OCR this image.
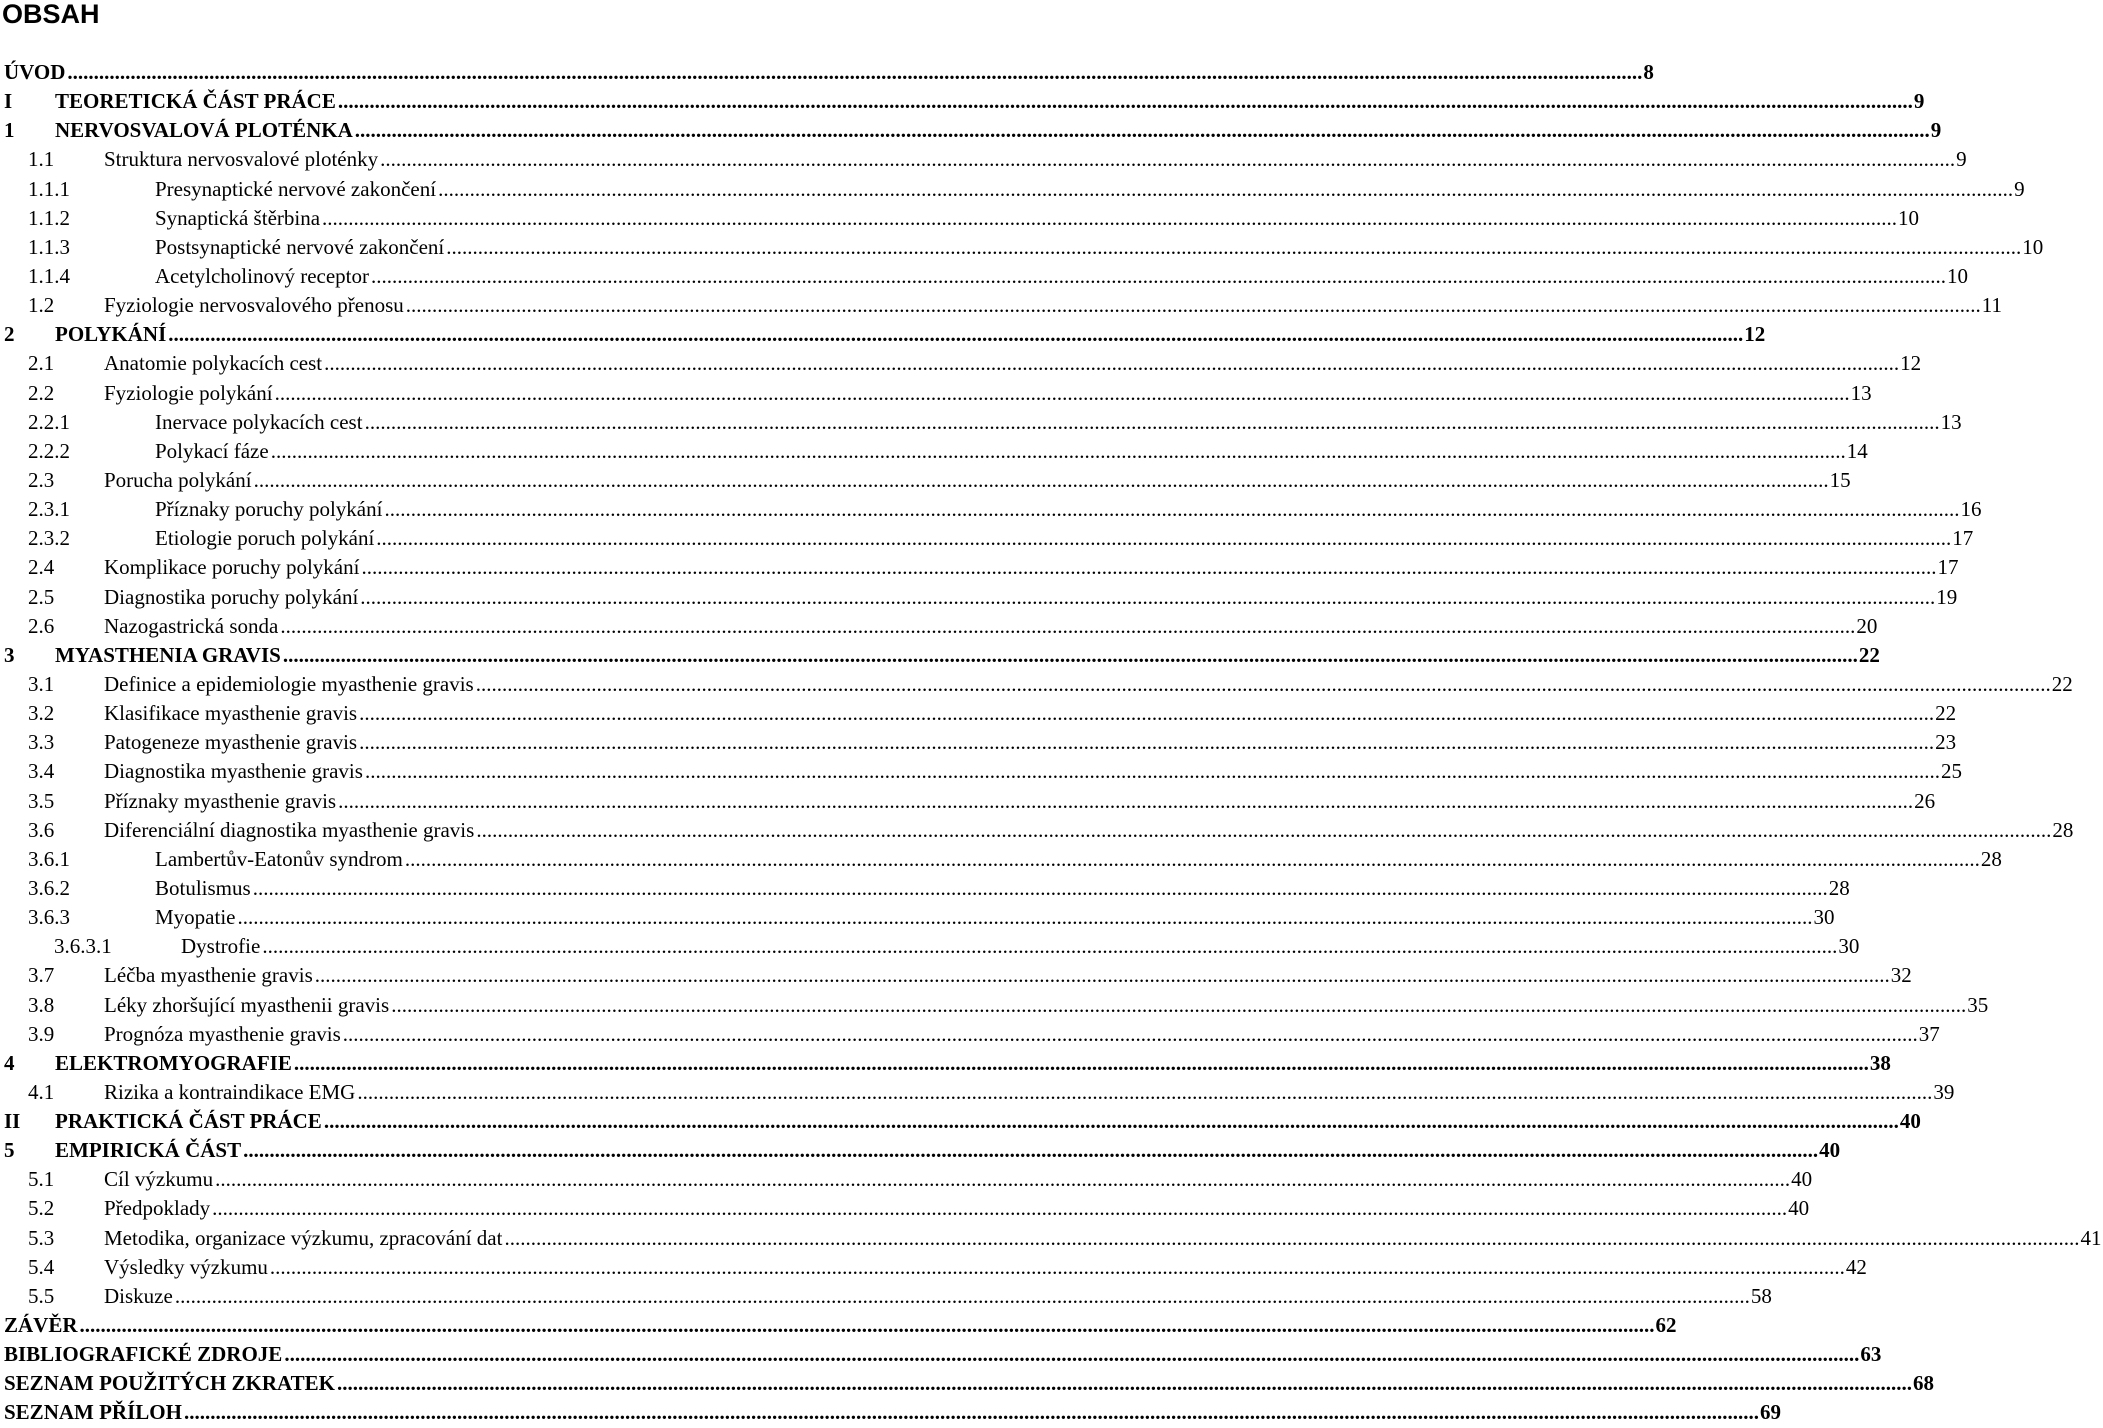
OBSAH
ÚVOD ............................................................................................................................................................................................................................................................................................................ 8
TEORETICKÁ ČÁST PRÁCE ............................................................................................................................................................................................................................................................................................................ 9
I
NERVOSVALOVÁ PLOTÉNKA ............................................................................................................................................................................................................................................................................................................ 9
1
Struktura nervosvalové ploténky ............................................................................................................................................................................................................................................................................................................ 9
1.1
Presynaptické nervové zakončení ............................................................................................................................................................................................................................................................................................................ 9
1.1.1
Synaptická štěrbina ............................................................................................................................................................................................................................................................................................................ 10
1.1.2
Postsynaptické nervové zakončení ............................................................................................................................................................................................................................................................................................................ 10
1.1.3
Acetylcholinový receptor ............................................................................................................................................................................................................................................................................................................ 10
1.1.4
Fyziologie nervosvalového přenosu ............................................................................................................................................................................................................................................................................................................ 11
1.2
POLYKÁNÍ ............................................................................................................................................................................................................................................................................................................ 12
2
Anatomie polykacích cest ............................................................................................................................................................................................................................................................................................................ 12
2.1
Fyziologie polykání ............................................................................................................................................................................................................................................................................................................ 13
2.2
Inervace polykacích cest ............................................................................................................................................................................................................................................................................................................ 13
2.2.1
Polykací fáze ............................................................................................................................................................................................................................................................................................................ 14
2.2.2
Porucha polykání ............................................................................................................................................................................................................................................................................................................ 15
2.3
Příznaky poruchy polykání ............................................................................................................................................................................................................................................................................................................ 16
2.3.1
Etiologie poruch polykání ............................................................................................................................................................................................................................................................................................................ 17
2.3.2
Komplikace poruchy polykání ............................................................................................................................................................................................................................................................................................................ 17
2.4
Diagnostika poruchy polykání ............................................................................................................................................................................................................................................................................................................ 19
2.5
Nazogastrická sonda ............................................................................................................................................................................................................................................................................................................ 20
2.6
MYASTHENIA GRAVIS ............................................................................................................................................................................................................................................................................................................ 22
3
Definice a epidemiologie myasthenie gravis ............................................................................................................................................................................................................................................................................................................ 22
3.1
Klasifikace myasthenie gravis ............................................................................................................................................................................................................................................................................................................ 22
3.2
Patogeneze myasthenie gravis ............................................................................................................................................................................................................................................................................................................ 23
3.3
Diagnostika myasthenie gravis ............................................................................................................................................................................................................................................................................................................ 25
3.4
Příznaky myasthenie gravis ............................................................................................................................................................................................................................................................................................................ 26
3.5
Diferenciální diagnostika myasthenie gravis ............................................................................................................................................................................................................................................................................................................ 28
3.6
Lambertův-Eatonův syndrom ............................................................................................................................................................................................................................................................................................................ 28
3.6.1
Botulismus ............................................................................................................................................................................................................................................................................................................ 28
3.6.2
Myopatie ............................................................................................................................................................................................................................................................................................................ 30
3.6.3
Dystrofie ............................................................................................................................................................................................................................................................................................................ 30
3.6.3.1
Léčba myasthenie gravis ............................................................................................................................................................................................................................................................................................................ 32
3.7
Léky zhoršující myasthenii gravis ............................................................................................................................................................................................................................................................................................................ 35
3.8
Prognóza myasthenie gravis ............................................................................................................................................................................................................................................................................................................ 37
3.9
ELEKTROMYOGRAFIE ............................................................................................................................................................................................................................................................................................................ 38
4
Rizika a kontraindikace EMG ............................................................................................................................................................................................................................................................................................................ 39
4.1
PRAKTICKÁ ČÁST PRÁCE ............................................................................................................................................................................................................................................................................................................ 40
II
EMPIRICKÁ ČÁST ............................................................................................................................................................................................................................................................................................................ 40
5
Cíl výzkumu ............................................................................................................................................................................................................................................................................................................ 40
5.1
Předpoklady ............................................................................................................................................................................................................................................................................................................ 40
5.2
Metodika, organizace výzkumu, zpracování dat ............................................................................................................................................................................................................................................................................................................ 41
5.3
Výsledky výzkumu ............................................................................................................................................................................................................................................................................................................ 42
5.4
Diskuze ............................................................................................................................................................................................................................................................................................................ 58
5.5
ZÁVĚR ............................................................................................................................................................................................................................................................................................................ 62
BIBLIOGRAFICKÉ ZDROJE ............................................................................................................................................................................................................................................................................................................ 63
SEZNAM POUŽITÝCH ZKRATEK ............................................................................................................................................................................................................................................................................................................ 68
SEZNAM PŘÍLOH ............................................................................................................................................................................................................................................................................................................ 69
